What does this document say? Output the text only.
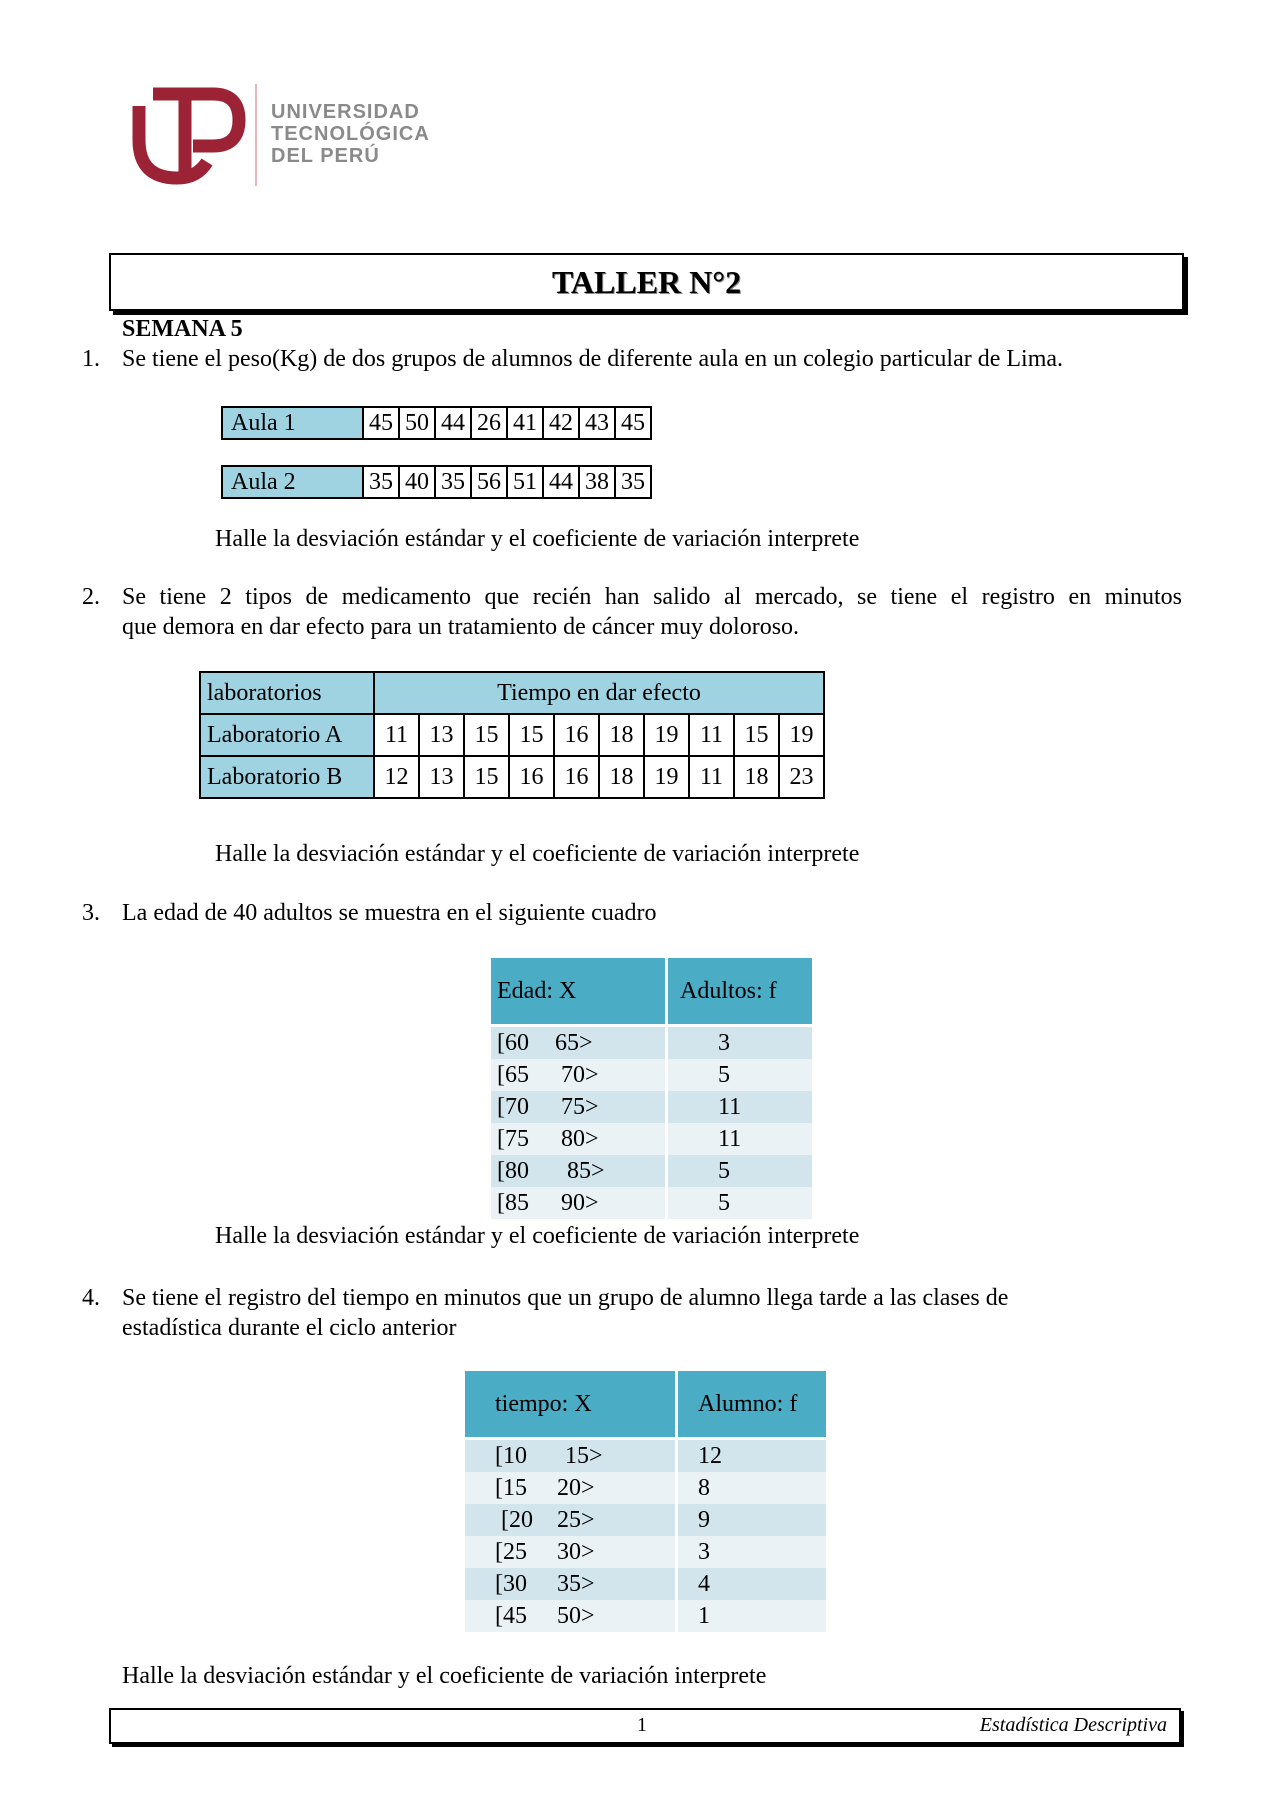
UNIVERSIDAD
TECNOLÓGICA
DEL PERÚ
TALLER N°2
SEMANA 5
1. Se tiene el peso(Kg) de dos grupos de alumnos de diferente aula en un colegio particular de Lima.
Aula 1	45	50	44	26	41	42	43	45
Aula 2	35	40	35	56	51	44	38	35
Halle la desviación estándar y el coeficiente de variación interprete
2. Se tiene 2 tipos de medicamento que recién han salido al mercado, se tiene el registro en minutos
que demora en dar efecto para un tratamiento de cáncer muy doloroso.
laboratorios	Tiempo en dar efecto									
Laboratorio A	11	13	15	15	16	18	19	11	15	19
Laboratorio B	12	13	15	16	16	18	19	11	18	23
Halle la desviación estándar y el coeficiente de variación interprete
3. La edad de 40 adultos se muestra en el siguiente cuadro
Edad: X	Adultos: f
[60 65>	3
[65 70>	5
[70 75>	11
[75 80>	11
[80 85>	5
[85 90>	5
Halle la desviación estándar y el coeficiente de variación interprete
4. Se tiene el registro del tiempo en minutos que un grupo de alumno llega tarde a las clases de
estadística durante el ciclo anterior
tiempo: X	Alumno: f
[10 15>	12
[15 20>	8
[20 25>	9
[25 30>	3
[30 35>	4
[45 50>	1
Halle la desviación estándar y el coeficiente de variación interprete
1	Estadística Descriptiva
